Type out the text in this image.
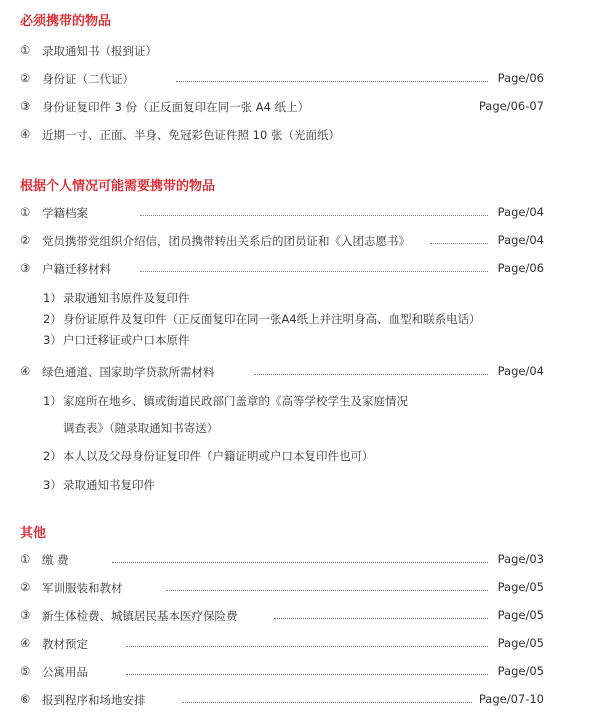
必须携带的物品
①	录取通知书（报到证）
②	身份证（二代证）	Page/06
③	身份证复印件 3 份（正反面复印在同一张 A4 纸上）	Page/06-07
④	近期一寸、正面、半身、免冠彩色证件照 10 张（光面纸）
根据个人情况可能需要携带的物品
①	学籍档案	Page/04
②	党员携带党组织介绍信，团员携带转出关系后的团员证和《入团志愿书》	Page/04
③	户籍迁移材料	Page/06
1）录取通知书原件及复印件
2）身份证原件及复印件（正反面复印在同一张A4纸上并注明身高、血型和联系电话）
3）户口迁移证或户口本原件
④	绿色通道、国家助学贷款所需材料	Page/04
1）家庭所在地乡、镇或街道民政部门盖章的《高等学校学生及家庭情况
调查表》（随录取通知书寄送）
2）本人以及父母身份证复印件（户籍证明或户口本复印件也可）
3）录取通知书复印件
其他
①	缴 费	Page/03
②	军训服装和教材	Page/05
③	新生体检费、城镇居民基本医疗保险费	Page/05
④	教材预定	Page/05
⑤	公寓用品	Page/05
⑥	报到程序和场地安排	Page/07-10
